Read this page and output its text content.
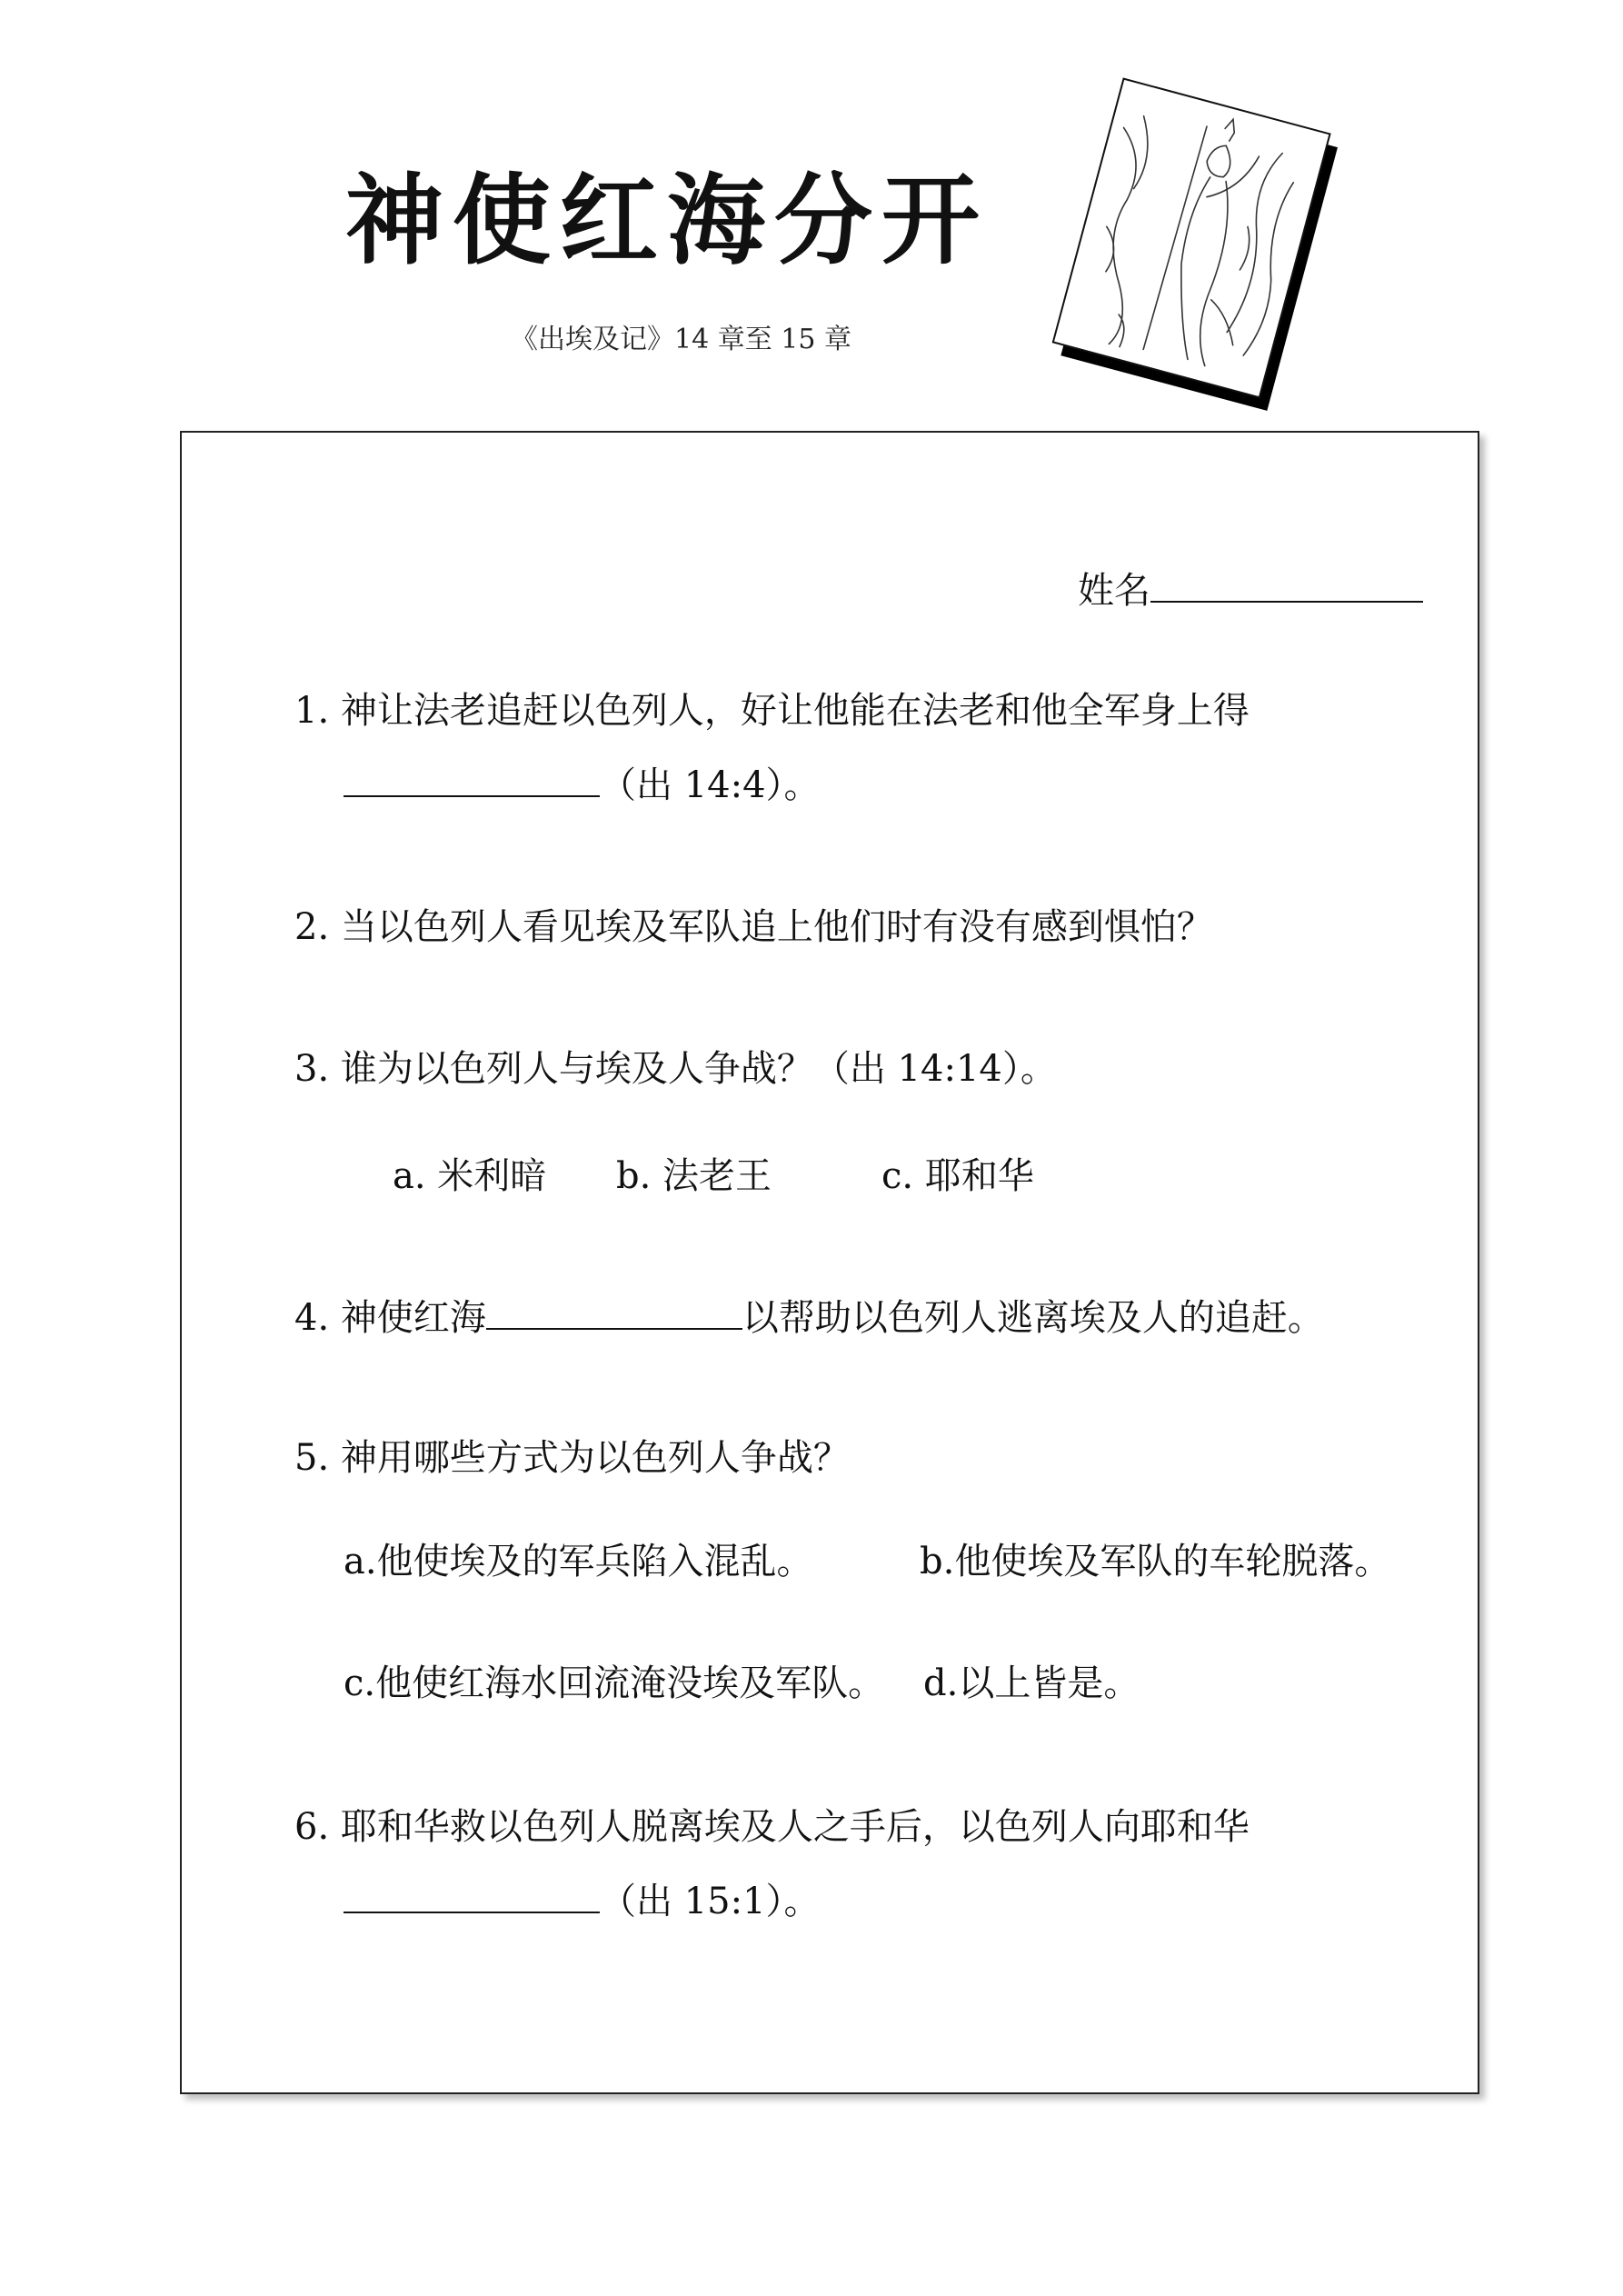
神使红海分开
《出埃及记》14 章至 15 章
姓名
1. 神让法老追赶以色列人，好让他能在法老和他全军身上得
（出 14:4）。
2. 当以色列人看见埃及军队追上他们时有没有感到惧怕？
3. 谁为以色列人与埃及人争战？（出 14:14）。
a. 米利暗 b. 法老王	c. 耶和华
4. 神使红海	以帮助以色列人逃离埃及人的追赶。
5. 神用哪些方式为以色列人争战？
a.他使埃及的军兵陷入混乱。	b.他使埃及军队的车轮脱落。
c.他使红海水回流淹没埃及军队。 d.以上皆是。
6. 耶和华救以色列人脱离埃及人之手后，以色列人向耶和华
（出 15:1）。
